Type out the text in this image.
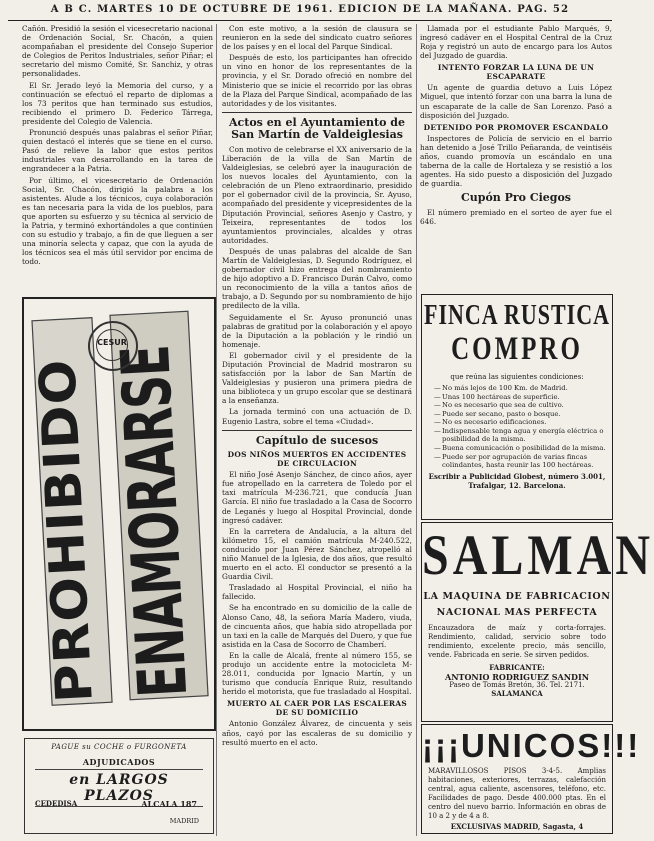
A B C. MARTES 10 DE OCTUBRE DE 1961. EDICION DE LA MAÑANA. PAG. 52

Cañón. Presidió la sesión el vicesecretario nacional de Ordenación Social, Sr. Chacón, a quien acompañaban el presidente del Consejo Superior de Colegios de Peritos Industriales, señor Piñar; el secretario del mismo Comité, Sr. Sanchiz, y otras personalidades.

El Sr. Jerado leyó la Memoria del curso, y a continuación se efectuó el reparto de diplomas a los 73 peritos que han terminado sus estudios, recibiendo el primero D. Federico Tárrega, presidente del Colegio de Valencia.

Pronunció después unas palabras el señor Piñar, quien destacó el interés que se tiene en el curso. Pasó de relieve la labor que estos peritos industriales van desarrollando en la tarea de engrandecer a la Patria.

Por último, el vicesecretario de Ordenación Social, Sr. Chacón, dirigió la palabra a los asistentes. Alude a los técnicos, cuya colaboración es tan necesaria para la vida de los pueblos, para que aporten su esfuerzo y su técnica al servicio de la Patria, y terminó exhortándoles a que continúen con su estudio y trabajo, a fin de que lleguen a ser una minoría selecta y capaz, que con la ayuda de los técnicos sea el más útil servidor por encima de todo.

PROHIBIDO ENAMORARSE
CESUR
PAGUE su COCHE o FURGONETA
ADJUDICADOS
en LARGOS PLAZOS
CEDEDISA	ALCALA 187
MADRID

Con este motivo, a la sesión de clausura se reunieron en la sede del sindicato cuatro señores de los países y en el local del Parque Sindical.

Después de esto, los participantes han ofrecido un vino en honor de los representantes de la provincia, y el Sr. Dorado ofreció en nombre del Ministerio que se inicie el recorrido por las obras de la Plaza del Parque Sindical, acompañado de las autoridades y de los visitantes.

Actos en el Ayuntamiento de San Martín de Valdeiglesias

Con motivo de celebrarse el XX aniversario de la Liberación de la villa de San Martín de Valdeiglesias, se celebró ayer la inauguración de los nuevos locales del Ayuntamiento, con la celebración de un Pleno extraordinario, presidido por el gobernador civil de la provincia, Sr. Ayuso, acompañado del presidente y vicepresidentes de la Diputación Provincial, señores Asenjo y Castro, y Teixeira, representantes de todos los ayuntamientos provinciales, alcaldes y otras autoridades.

Después de unas palabras del alcalde de San Martín de Valdeiglesias, D. Segundo Rodríguez, el gobernador civil hizo entrega del nombramiento de hijo adoptivo a D. Francisco Durán Calvo, como un reconocimiento de la villa a tantos años de trabajo, a D. Segundo por su nombramiento de hijo predilecto de la villa.

Seguidamente el Sr. Ayuso pronunció unas palabras de gratitud por la colaboración y el apoyo de la Diputación a la población y le rindió un homenaje.

El gobernador civil y el presidente de la Diputación Provincial de Madrid mostraron su satisfacción por la labor de San Martín de Valdeiglesias y pusieron una primera piedra de una biblioteca y un grupo escolar que se destinará a la enseñanza.

La jornada terminó con una actuación de D. Eugenio Lastra, sobre el tema «Ciudad».

Capítulo de sucesos
DOS NIÑOS MUERTOS EN ACCIDENTES DE CIRCULACION

El niño José Asenjo Sánchez, de cinco años, ayer fue atropellado en la carretera de Toledo por el taxi matrícula M-236.721, que conducía Juan García. El niño fue trasladado a la Casa de Socorro de Leganés y luego al Hospital Provincial, donde ingresó cadáver.

En la carretera de Andalucía, a la altura del kilómetro 15, el camión matrícula M-240.522, conducido por Juan Pérez Sánchez, atropelló al niño Manuel de la Iglesia, de dos años, que resultó muerto en el acto. El conductor se presentó a la Guardia Civil.

Trasladado al Hospital Provincial, el niño ha fallecido.

Se ha encontrado en su domicilio de la calle de Alonso Cano, 48, la señora María Madero, viuda, de cincuenta años, que había sido atropellada por un taxi en la calle de Marqués del Duero, y que fue asistida en la Casa de Socorro de Chamberí.

En la calle de Alcalá, frente al número 155, se produjo un accidente entre la motocicleta M-28.011, conducida por Ignacio Martín, y un turismo que conducía Enrique Ruiz, resultando herido el motorista, que fue trasladado al Hospital.

MUERTO AL CAER POR LAS ESCALERAS DE SU DOMICILIO

Antonio González Álvarez, de cincuenta y seis años, cayó por las escaleras de su domicilio y resultó muerto en el acto.

Llamada por el estudiante Pablo Marqués, 9, ingresó cadáver en el Hospital Central de la Cruz Roja y registró un auto de encargo para los Autos del Juzgado de guardia.

INTENTO FORZAR LA LUNA DE UN ESCAPARATE

Un agente de guardia detuvo a Luis López Miguel, que intentó forzar con una barra la luna de un escaparate de la calle de San Lorenzo. Pasó a disposición del Juzgado.

DETENIDO POR PROMOVER ESCANDALO

Inspectores de Policía de servicio en el barrio han detenido a José Trillo Peñaranda, de veintiséis años, cuando promovía un escándalo en una taberna de la calle de Hortaleza y se resistió a los agentes. Ha sido puesto a disposición del Juzgado de guardia.

Cupón Pro Ciegos

El número premiado en el sorteo de ayer fue el 646.

FINCA RUSTICA
COMPRO
que reúna las siguientes condiciones:
— No más lejos de 100 Km. de Madrid.
— Unas 100 hectáreas de superficie.
— No es necesario que sea de cultivo.
— Puede ser secano, pasto o bosque.
— No es necesario edificaciones.
— Indispensable tenga agua y energía eléctrica o posibilidad de la misma.
— Buena comunicación o posibilidad de la misma.
— Puede ser por agrupación de varias fincas colindantes, hasta reunir las 100 hectáreas.
Escribir a Publicidad Globest, número 3.001, Trafalgar, 12. Barcelona.
SALMAN
LA MAQUINA DE FABRICACION
NACIONAL MAS PERFECTA
Encauzadora de maíz y corta-forrajes. Rendimiento, calidad, servicio sobre todo rendimiento, excelente precio, más sencillo, vende. Fabricada en serie. Se sirven pedidos.
FABRICANTE:
ANTONIO RODRIGUEZ SANDIN
Paseo de Tomás Bretón, 36. Tel. 2171.
SALAMANCA
¡¡¡UNICOS!!!
MARAVILLOSOS PISOS 3-4-5. Amplias habitaciones, exteriores, terrazas, calefacción central, agua caliente, ascensores, teléfono, etc. Facilidades de pago. Desde 400.000 ptas. En el centro del nuevo barrio. Información en obras de 10 a 2 y de 4 a 8.
EXCLUSIVAS MADRID, Sagasta, 4
